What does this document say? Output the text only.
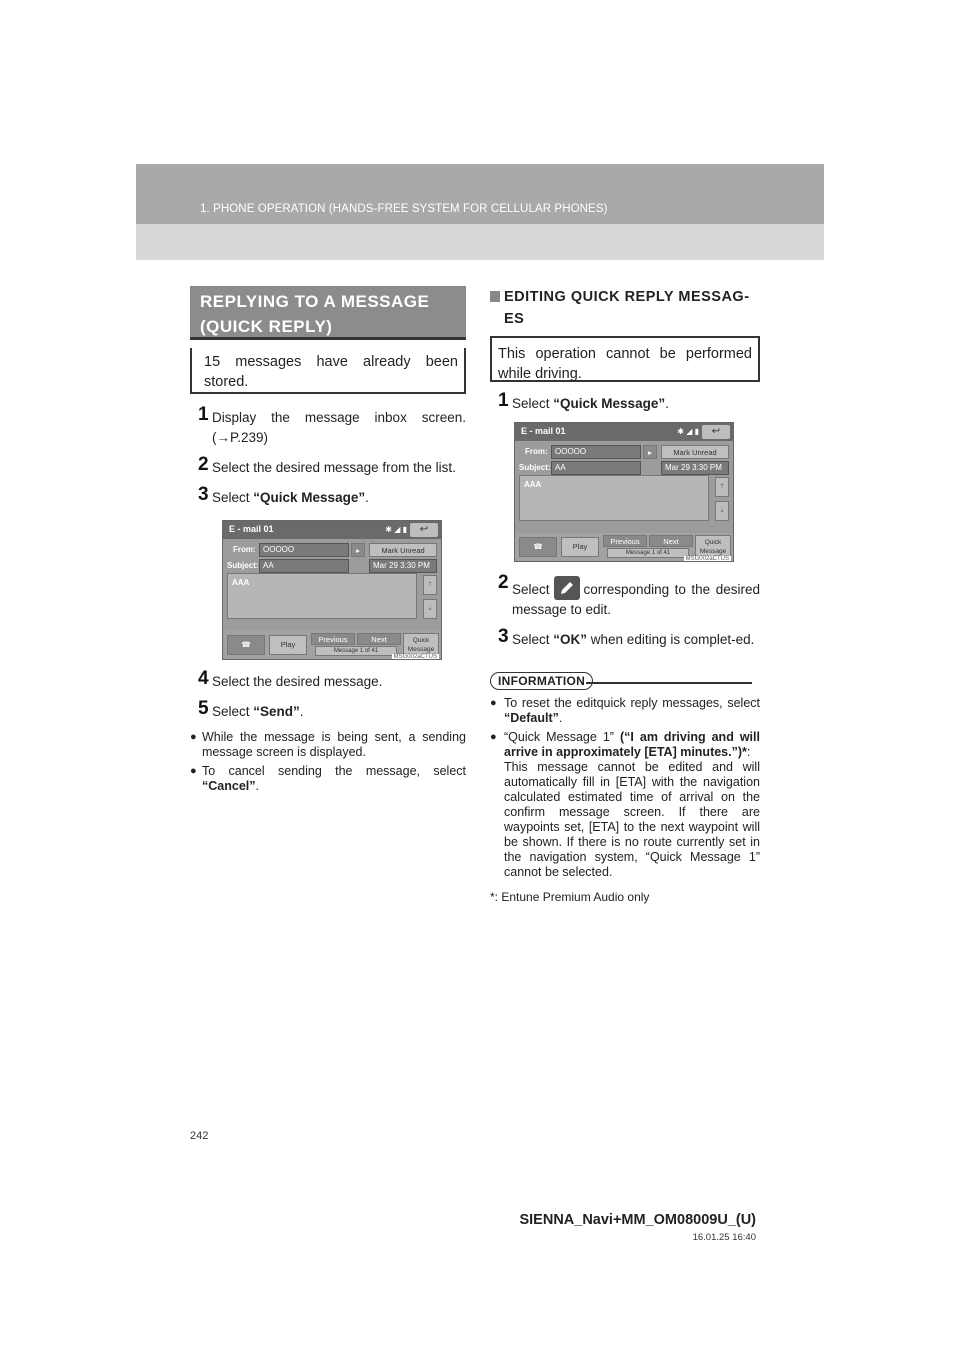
1. PHONE OPERATION (HANDS-FREE SYSTEM FOR CELLULAR PHONES)
REPLYING TO A MESSAGE
(QUICK REPLY)
15 messages have already been stored.
1 Display the message inbox screen. (→P.239)
2 Select the desired message from the list.
3 Select “Quick Message”.
E - mail 01	✱ ◢ ▮	↩
From: OOOOO	▸	Mark Unread
Subject: AA	Mar 29 3:30 PM
AAA	⇡
⇣
☎	Play
Previous	Next
Message 1 of 41
Quick
Message
MSG002aCTUS
4 Select the desired message.
5 Select “Send”.
● While the message is being sent, a sending message screen is displayed.
● To cancel sending the message, select “Cancel”.
EDITING QUICK REPLY MESSAG-
ES
This operation cannot be performed while driving.
1 Select “Quick Message”.
E - mail 01	✱ ◢ ▮	↩
From: OOOOO	▸	Mark Unread
Subject: AA	Mar 29 3:30 PM
AAA	⇡
⇣
☎	Play
Previous	Next
Message 1 of 41
Quick
Message
MSG002aCTUS
2 Select	corresponding to the desired message to edit.
3 Select “OK” when editing is complet-ed.
INFORMATION
● To reset the editquick reply messages, select “Default”.
● “Quick Message 1” (“I am driving and will arrive in approximately [ETA] minutes.”)*:
This message cannot be edited and will automatically fill in [ETA] with the navigation calculated estimated time of arrival on the confirm message screen. If there are waypoints set, [ETA] to the next waypoint will be shown. If there is no route currently set in the navigation system, “Quick Message 1” cannot be selected.
*: Entune Premium Audio only
242
SIENNA_Navi+MM_OM08009U_(U)
16.01.25 16:40
